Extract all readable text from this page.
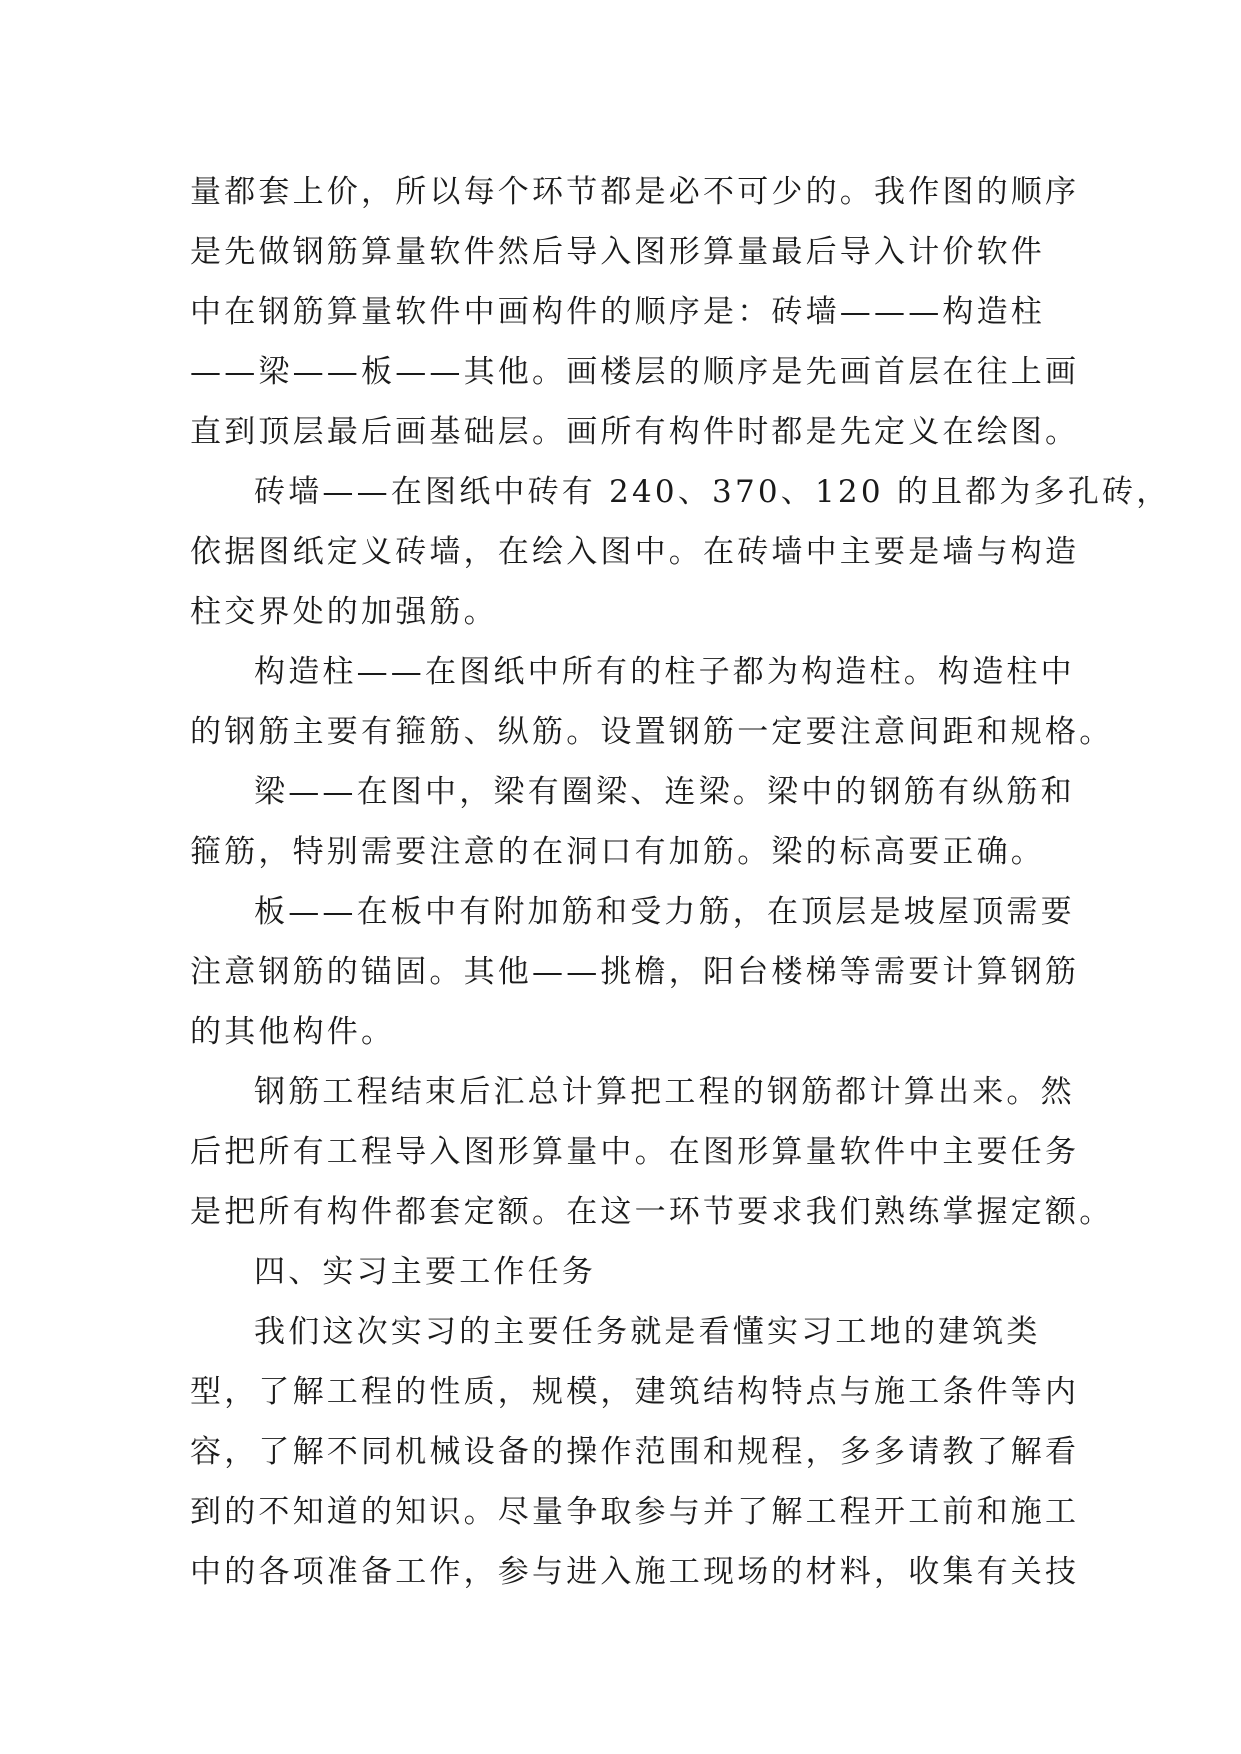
量都套上价，所以每个环节都是必不可少的。我作图的顺序
是先做钢筋算量软件然后导入图形算量最后导入计价软件
中在钢筋算量软件中画构件的顺序是：砖墙———构造柱
——梁——板——其他。画楼层的顺序是先画首层在往上画
直到顶层最后画基础层。画所有构件时都是先定义在绘图。
砖墙——在图纸中砖有 240、370、120 的且都为多孔砖，
依据图纸定义砖墙，在绘入图中。在砖墙中主要是墙与构造
柱交界处的加强筋。
构造柱——在图纸中所有的柱子都为构造柱。构造柱中
的钢筋主要有箍筋、纵筋。设置钢筋一定要注意间距和规格。
梁——在图中，梁有圈梁、连梁。梁中的钢筋有纵筋和
箍筋，特别需要注意的在洞口有加筋。梁的标高要正确。
板——在板中有附加筋和受力筋，在顶层是坡屋顶需要
注意钢筋的锚固。其他——挑檐，阳台楼梯等需要计算钢筋
的其他构件。
钢筋工程结束后汇总计算把工程的钢筋都计算出来。然
后把所有工程导入图形算量中。在图形算量软件中主要任务
是把所有构件都套定额。在这一环节要求我们熟练掌握定额。
四、实习主要工作任务
我们这次实习的主要任务就是看懂实习工地的建筑类
型，了解工程的性质，规模，建筑结构特点与施工条件等内
容，了解不同机械设备的操作范围和规程，多多请教了解看
到的不知道的知识。尽量争取参与并了解工程开工前和施工
中的各项准备工作，参与进入施工现场的材料，收集有关技
